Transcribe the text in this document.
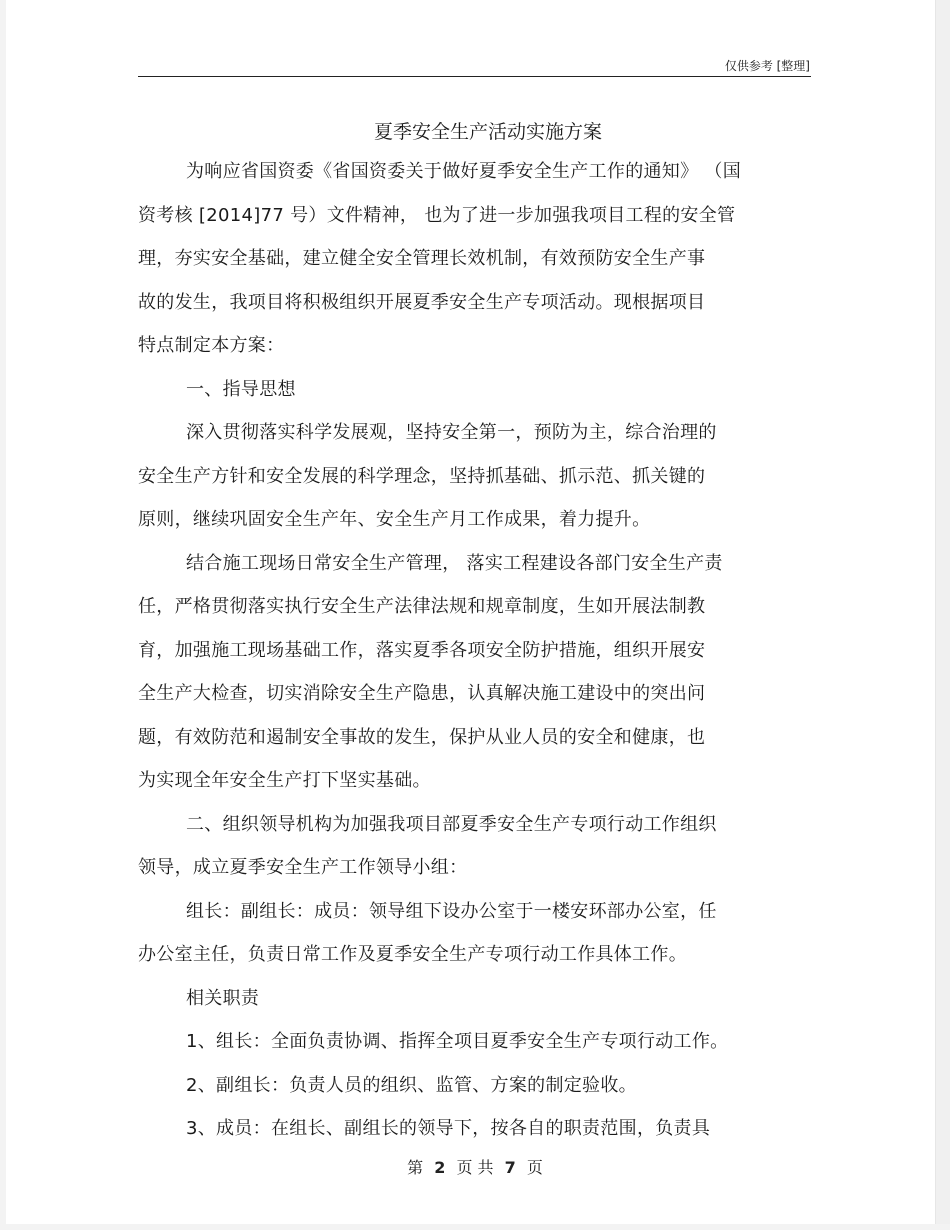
仅供参考 [整理]
夏季安全生产活动实施方案
为响应省国资委《省国资委关于做好夏季安全生产工作的通知》 （国
资考核 [2014]77 号）文件精神， 也为了进一步加强我项目工程的安全管
理，夯实安全基础，建立健全安全管理长效机制，有效预防安全生产事
故的发生，我项目将积极组织开展夏季安全生产专项活动。现根据项目
特点制定本方案：
一、指导思想
深入贯彻落实科学发展观，坚持安全第一，预防为主，综合治理的
安全生产方针和安全发展的科学理念，坚持抓基础、抓示范、抓关键的
原则，继续巩固安全生产年、安全生产月工作成果，着力提升。
结合施工现场日常安全生产管理， 落实工程建设各部门安全生产责
任，严格贯彻落实执行安全生产法律法规和规章制度，生如开展法制教
育，加强施工现场基础工作，落实夏季各项安全防护措施，组织开展安
全生产大检查，切实消除安全生产隐患，认真解决施工建设中的突出问
题，有效防范和遏制安全事故的发生，保护从业人员的安全和健康，也
为实现全年安全生产打下坚实基础。
二、组织领导机构为加强我项目部夏季安全生产专项行动工作组织
领导，成立夏季安全生产工作领导小组：
组长：副组长：成员：领导组下设办公室于一楼安环部办公室，任
办公室主任，负责日常工作及夏季安全生产专项行动工作具体工作。
相关职责
1、组长：全面负责协调、指挥全项目夏季安全生产专项行动工作。
2、副组长：负责人员的组织、监管、方案的制定验收。
3、成员：在组长、副组长的领导下，按各自的职责范围，负责具
第 2 页 共 7 页
